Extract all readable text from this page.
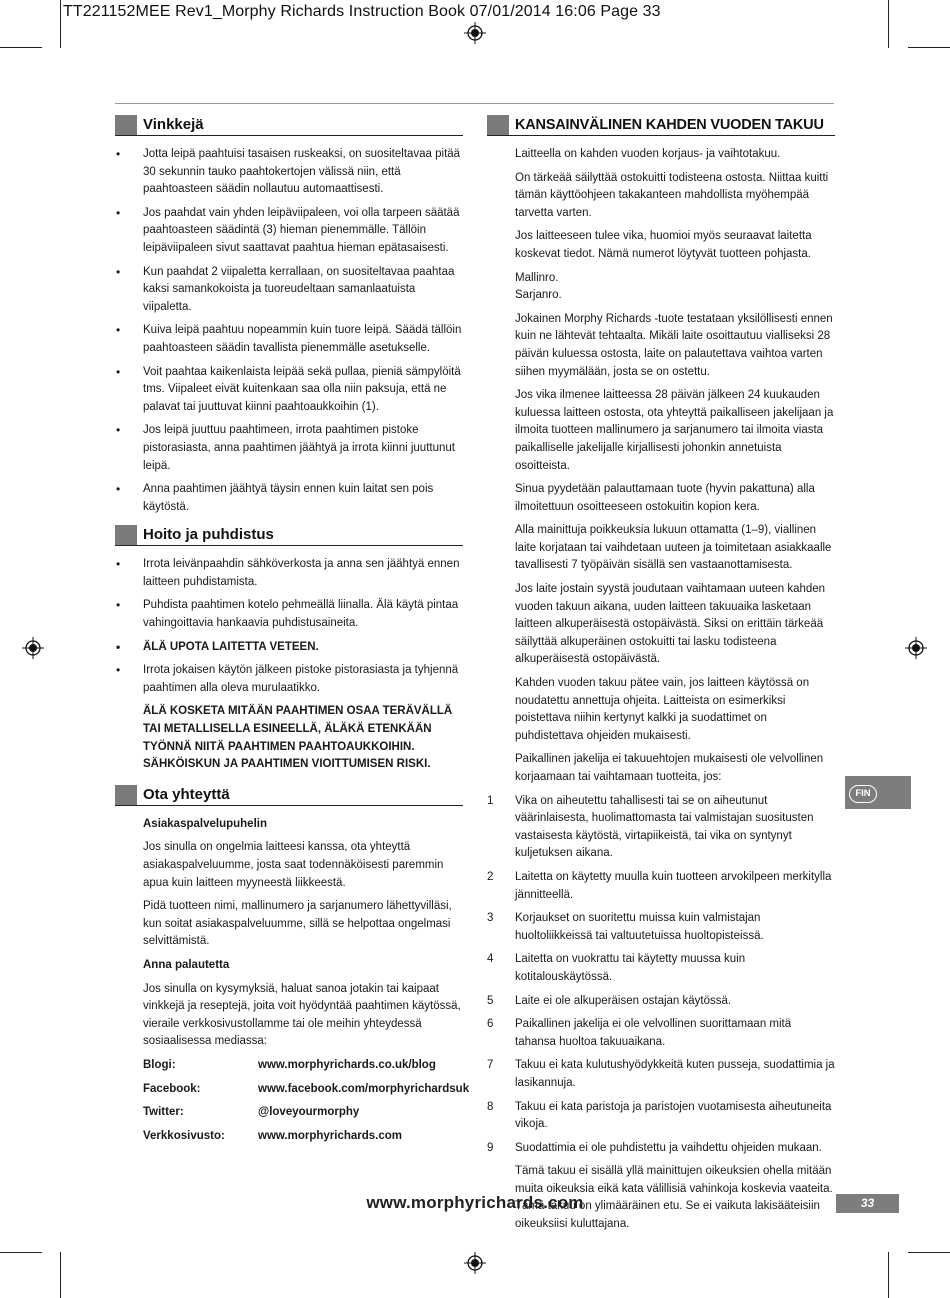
TT221152MEE Rev1_Morphy Richards Instruction Book 07/01/2014 16:06 Page 33
Vinkkejä
• Jotta leipä paahtuisi tasaisen ruskeaksi, on suositeltavaa pitää 30 sekunnin tauko paahtokertojen välissä niin, että paahtoasteen säädin nollautuu automaattisesti.
• Jos paahdat vain yhden leipäviipaleen, voi olla tarpeen säätää paahtoasteen säädintä (3) hieman pienemmälle. Tällöin leipäviipaleen sivut saattavat paahtua hieman epätasaisesti.
• Kun paahdat 2 viipaletta kerrallaan, on suositeltavaa paahtaa kaksi samankokoista ja tuoreudeltaan samanlaatuista viipaletta.
• Kuiva leipä paahtuu nopeammin kuin tuore leipä. Säädä tällöin paahtoasteen säädin tavallista pienemmälle asetukselle.
• Voit paahtaa kaikenlaista leipää sekä pullaa, pieniä sämpylöitä tms. Viipaleet eivät kuitenkaan saa olla niin paksuja, että ne palavat tai juuttuvat kiinni paahtoaukkoihin (1).
• Jos leipä juuttuu paahtimeen, irrota paahtimen pistoke pistorasiasta, anna paahtimen jäähtyä ja irrota kiinni juuttunut leipä.
• Anna paahtimen jäähtyä täysin ennen kuin laitat sen pois käytöstä.
Hoito ja puhdistus
• Irrota leivänpaahdin sähköverkosta ja anna sen jäähtyä ennen laitteen puhdistamista.
• Puhdista paahtimen kotelo pehmeällä liinalla. Älä käytä pintaa vahingoittavia hankaavia puhdistusaineita.
• ÄLÄ UPOTA LAITETTA VETEEN.
• Irrota jokaisen käytön jälkeen pistoke pistorasiasta ja tyhjennä paahtimen alla oleva murulaatikko.

ÄLÄ KOSKETA MITÄÄN PAAHTIMEN OSAA TERÄVÄLLÄ TAI METALLISELLA ESINEELLÄ, ÄLÄKÄ ETENKÄÄN TYÖNNÄ NIITÄ PAAHTIMEN PAAHTOAUKKOIHIN. SÄHKÖISKUN JA PAAHTIMEN VIOITTUMISEN RISKI.

Ota yhteyttä
Asiakaspalvelupuhelin

Jos sinulla on ongelmia laitteesi kanssa, ota yhteyttä asiakaspalveluumme, josta saat todennäköisesti paremmin apua kuin laitteen myyneestä liikkeestä.

Pidä tuotteen nimi, mallinumero ja sarjanumero lähettyvilläsi, kun soitat asiakaspalveluumme, sillä se helpottaa ongelmasi selvittämistä.

Anna palautetta

Jos sinulla on kysymyksiä, haluat sanoa jotakin tai kaipaat vinkkejä ja reseptejä, joita voit hyödyntää paahtimen käytössä, vieraile verkkosivustollamme tai ole meihin yhteydessä sosiaalisessa mediassa:

Blogi:	www.morphyrichards.co.uk/blog
Facebook:	www.facebook.com/morphyrichardsuk
Twitter:	@loveyourmorphy
Verkkosivusto:	www.morphyrichards.com
KANSAINVÄLINEN KAHDEN VUODEN TAKUU

Laitteella on kahden vuoden korjaus- ja vaihtotakuu.

On tärkeää säilyttää ostokuitti todisteena ostosta. Niittaa kuitti tämän käyttöohjeen takakanteen mahdollista myöhempää tarvetta varten.

Jos laitteeseen tulee vika, huomioi myös seuraavat laitetta koskevat tiedot. Nämä numerot löytyvät tuotteen pohjasta.

Mallinro.

Sarjanro.

Jokainen Morphy Richards -tuote testataan yksilöllisesti ennen kuin ne lähtevät tehtaalta. Mikäli laite osoittautuu vialliseksi 28 päivän kuluessa ostosta, laite on palautettava vaihtoa varten siihen myymälään, josta se on ostettu.

Jos vika ilmenee laitteessa 28 päivän jälkeen 24 kuukauden kuluessa laitteen ostosta, ota yhteyttä paikalliseen jakelijaan ja ilmoita tuotteen mallinumero ja sarjanumero tai ilmoita viasta paikalliselle jakelijalle kirjallisesti johonkin annetuista osoitteista.

Sinua pyydetään palauttamaan tuote (hyvin pakattuna) alla ilmoitettuun osoitteeseen ostokuitin kopion kera.

Alla mainittuja poikkeuksia lukuun ottamatta (1–9), viallinen laite korjataan tai vaihdetaan uuteen ja toimitetaan asiakkaalle tavallisesti 7 työpäivän sisällä sen vastaanottamisesta.

Jos laite jostain syystä joudutaan vaihtamaan uuteen kahden vuoden takuun aikana, uuden laitteen takuuaika lasketaan laitteen alkuperäisestä ostopäivästä. Siksi on erittäin tärkeää säilyttää alkuperäinen ostokuitti tai lasku todisteena alkuperäisestä ostopäivästä.

Kahden vuoden takuu pätee vain, jos laitteen käytössä on noudatettu annettuja ohjeita. Laitteista on esimerkiksi poistettava niihin kertynyt kalkki ja suodattimet on puhdistettava ohjeiden mukaisesti.

Paikallinen jakelija ei takuuehtojen mukaisesti ole velvollinen korjaamaan tai vaihtamaan tuotteita, jos:

1	Vika on aiheutettu tahallisesti tai se on aiheutunut väärinlaisesta, huolimattomasta tai valmistajan suositusten vastaisesta käytöstä, virtapiikeistä, tai vika on syntynyt kuljetuksen aikana.
2	Laitetta on käytetty muulla kuin tuotteen arvokilpeen merkitylla jännitteellä.
3	Korjaukset on suoritettu muissa kuin valmistajan huoltoliikkeissä tai valtuutetuissa huoltopisteissä.
4	Laitetta on vuokrattu tai käytetty muussa kuin kotitalouskäytössä.
5	Laite ei ole alkuperäisen ostajan käytössä.
6	Paikallinen jakelija ei ole velvollinen suorittamaan mitä tahansa huoltoa takuuaikana.
7	Takuu ei kata kulutushyödykkeitä kuten pusseja, suodattimia ja lasikannuja.
8	Takuu ei kata paristoja ja paristojen vuotamisesta aiheutuneita vikoja.
9	Suodattimia ei ole puhdistettu ja vaihdettu ohjeiden mukaan.

Tämä takuu ei sisällä yllä mainittujen oikeuksien ohella mitään muita oikeuksia eikä kata välillisiä vahinkoja koskevia vaateita. Tämä takuu on ylimääräinen etu. Se ei vaikuta lakisääteisiin oikeuksiisi kuluttajana.

FIN
www.morphyrichards.com	33
